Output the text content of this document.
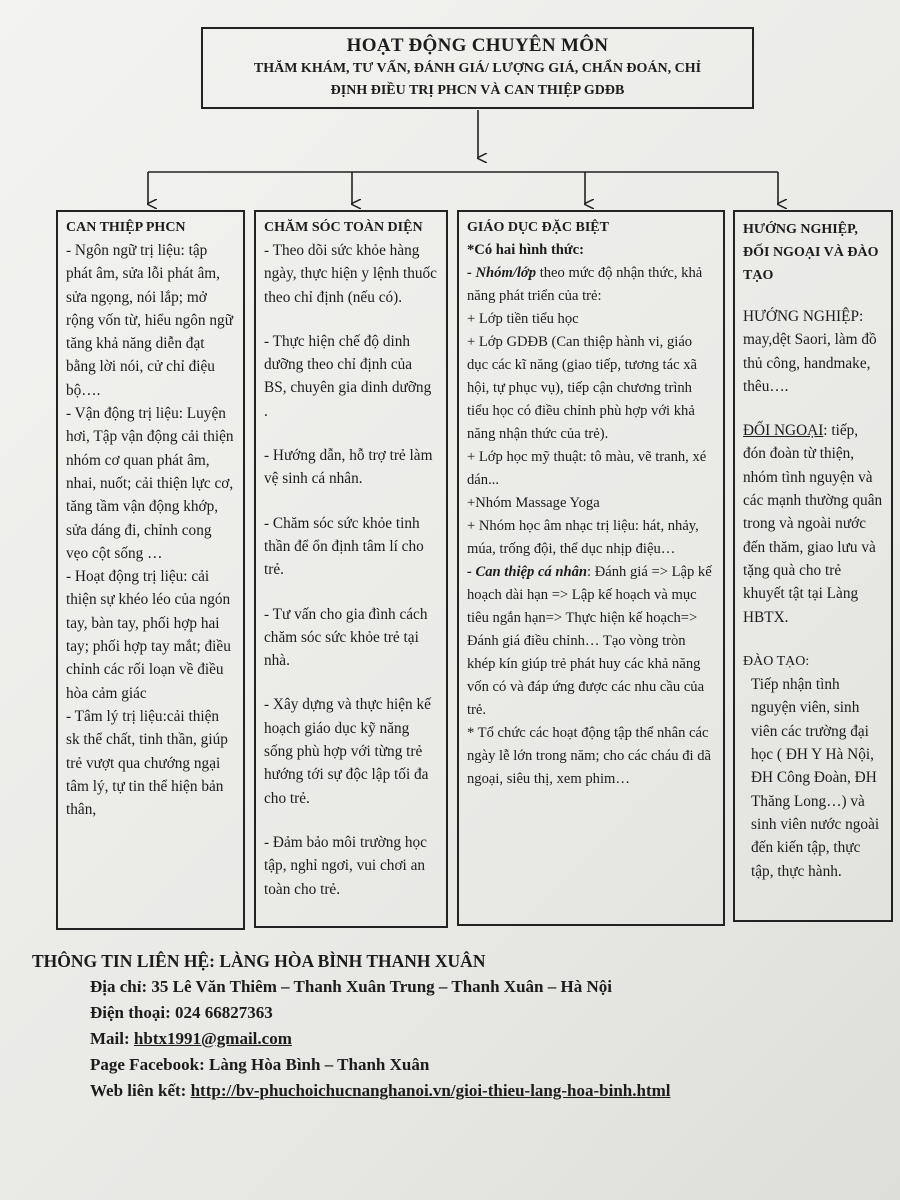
HOẠT ĐỘNG CHUYÊN MÔN
THĂM KHÁM, TƯ VẤN, ĐÁNH GIÁ/ LƯỢNG GIÁ, CHẨN ĐOÁN, CHỈ
ĐỊNH ĐIỀU TRỊ PHCN VÀ CAN THIỆP GDĐB
CAN THIỆP PHCN

- Ngôn ngữ trị liệu: tập phát âm, sửa lỗi phát âm, sửa ngọng, nói lắp; mở rộng vốn từ, hiểu ngôn ngữ tăng khả năng diễn đạt bằng lời nói, cử chỉ điệu bộ….

- Vận động trị liệu: Luyện hơi, Tập vận động cải thiện nhóm cơ quan phát âm, nhai, nuốt; cải thiện lực cơ, tăng tầm vận động khớp, sửa dáng đi, chỉnh cong vẹo cột sống …

- Hoạt động trị liệu: cải thiện sự khéo léo của ngón tay, bàn tay, phối hợp hai tay; phối hợp tay mắt; điều chỉnh các rối loạn về điều hòa cảm giác

- Tâm lý trị liệu:cải thiện sk thể chất, tinh thần, giúp trẻ vượt qua chướng ngại tâm lý, tự tin thể hiện bản thân,

CHĂM SÓC TOÀN DIỆN

- Theo dõi sức khỏe hàng ngày, thực hiện y lệnh thuốc theo chỉ định (nếu có).

- Thực hiện chế độ dinh dưỡng theo chỉ định của BS, chuyên gia dinh dưỡng .

- Hướng dẫn, hỗ trợ trẻ làm vệ sinh cá nhân.

- Chăm sóc sức khỏe tinh thần để ổn định tâm lí cho trẻ.

- Tư vấn cho gia đình cách chăm sóc sức khỏe trẻ tại nhà.

- Xây dựng và thực hiện kế hoạch giáo dục kỹ năng sống phù hợp với từng trẻ hướng tới sự độc lập tối đa cho trẻ.

- Đảm bảo môi trường học tập, nghỉ ngơi, vui chơi an toàn cho trẻ.

GIÁO DỤC ĐẶC BIỆT

*Có hai hình thức:

- Nhóm/lớp theo mức độ nhận thức, khả năng phát triển của trẻ:

+ Lớp tiền tiểu học

+ Lớp GDĐB (Can thiệp hành vi, giáo dục các kĩ năng (giao tiếp, tương tác xã hội, tự phục vụ), tiếp cận chương trình tiểu học có điều chỉnh phù hợp với khả năng nhận thức của trẻ).

+ Lớp học mỹ thuật: tô màu, vẽ tranh, xé dán...

+Nhóm Massage Yoga

+ Nhóm học âm nhạc trị liệu: hát, nhảy, múa, trống đội, thể dục nhịp điệu…

- Can thiệp cá nhân: Đánh giá => Lập kế hoạch dài hạn => Lập kế hoạch và mục tiêu ngắn hạn=> Thực hiện kế hoạch=> Đánh giá điều chỉnh… Tạo vòng tròn khép kín giúp trẻ phát huy các khả năng vốn có và đáp ứng được các nhu cầu của trẻ.

* Tổ chức các hoạt động tập thể nhân các ngày lễ lớn trong năm; cho các cháu đi dã ngoại, siêu thị, xem phim…

HƯỚNG NGHIỆP, ĐỐI NGOẠI VÀ ĐÀO TẠO

HƯỚNG NGHIỆP: may,dệt Saori, làm đồ thủ công, handmake, thêu….

ĐỐI NGOẠI: tiếp, đón đoàn từ thiện, nhóm tình nguyện và các mạnh thường quân trong và ngoài nước đến thăm, giao lưu và tặng quà cho trẻ khuyết tật tại Làng HBTX.

ĐÀO TẠO:

Tiếp nhận tình nguyện viên, sinh viên các trường đại học ( ĐH Y Hà Nội, ĐH Công Đoàn, ĐH Thăng Long…) và sinh viên nước ngoài đến kiến tập, thực tập, thực hành.

THÔNG TIN LIÊN HỆ: LÀNG HÒA BÌNH THANH XUÂN
Địa chỉ: 35 Lê Văn Thiêm – Thanh Xuân Trung – Thanh Xuân – Hà Nội
Điện thoại: 024 66827363
Mail: hbtx1991@gmail.com
Page Facebook: Làng Hòa Bình – Thanh Xuân
Web liên kết: http://bv-phuchoichucnanghanoi.vn/gioi-thieu-lang-hoa-binh.html
